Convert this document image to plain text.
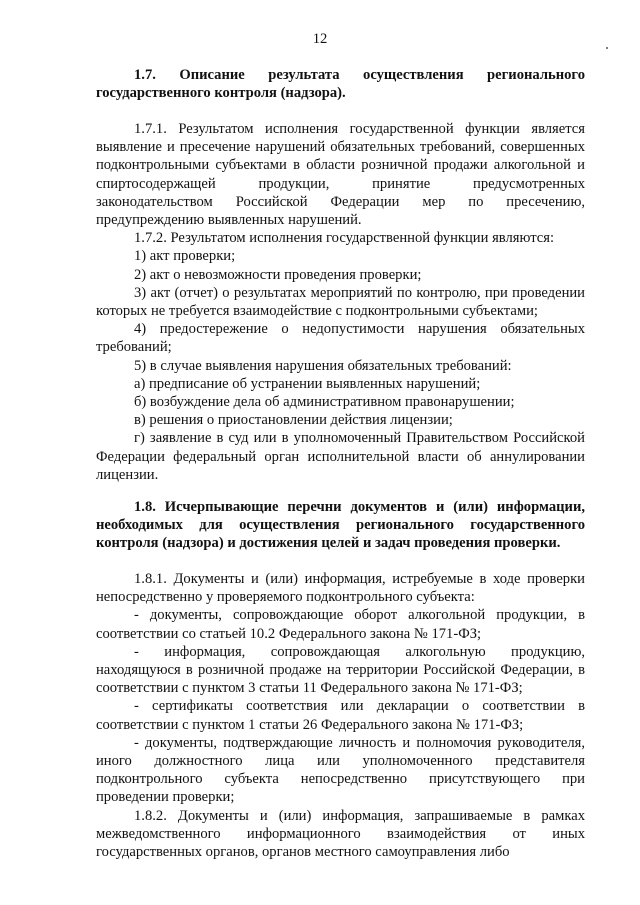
12

1.7. Описание результата осуществления регионального государственного контроля (надзора).

1.7.1. Результатом исполнения государственной функции является выявление и пресечение нарушений обязательных требований, совершенных подконтрольными субъектами в области розничной продажи алкогольной и спиртосодержащей продукции, принятие предусмотренных законодательством Российской Федерации мер по пресечению, предупреждению выявленных нарушений.

1.7.2. Результатом исполнения государственной функции являются:

1) акт проверки;

2) акт о невозможности проведения проверки;

3) акт (отчет) о результатах мероприятий по контролю, при проведении которых не требуется взаимодействие с подконтрольными субъектами;

4) предостережение о недопустимости нарушения обязательных требований;

5) в случае выявления нарушения обязательных требований:

а) предписание об устранении выявленных нарушений;

б) возбуждение дела об административном правонарушении;

в) решения о приостановлении действия лицензии;

г) заявление в суд или в уполномоченный Правительством Российской Федерации федеральный орган исполнительной власти об аннулировании лицензии.

1.8. Исчерпывающие перечни документов и (или) информации, необходимых для осуществления регионального государственного контроля (надзора) и достижения целей и задач проведения проверки.

1.8.1. Документы и (или) информация, истребуемые в ходе проверки непосредственно у проверяемого подконтрольного субъекта:

- документы, сопровождающие оборот алкогольной продукции, в соответствии со статьей 10.2 Федерального закона № 171-ФЗ;

- информация, сопровождающая алкогольную продукцию, находящуюся в розничной продаже на территории Российской Федерации, в соответствии с пунктом 3 статьи 11 Федерального закона № 171-ФЗ;

- сертификаты соответствия или декларации о соответствии в соответствии с пунктом 1 статьи 26 Федерального закона № 171-ФЗ;

- документы, подтверждающие личность и полномочия руководителя, иного должностного лица или уполномоченного представителя подконтрольного субъекта непосредственно присутствующего при проведении проверки;

1.8.2. Документы и (или) информация, запрашиваемые в рамках межведомственного информационного взаимодействия от иных государственных органов, органов местного самоуправления либо
